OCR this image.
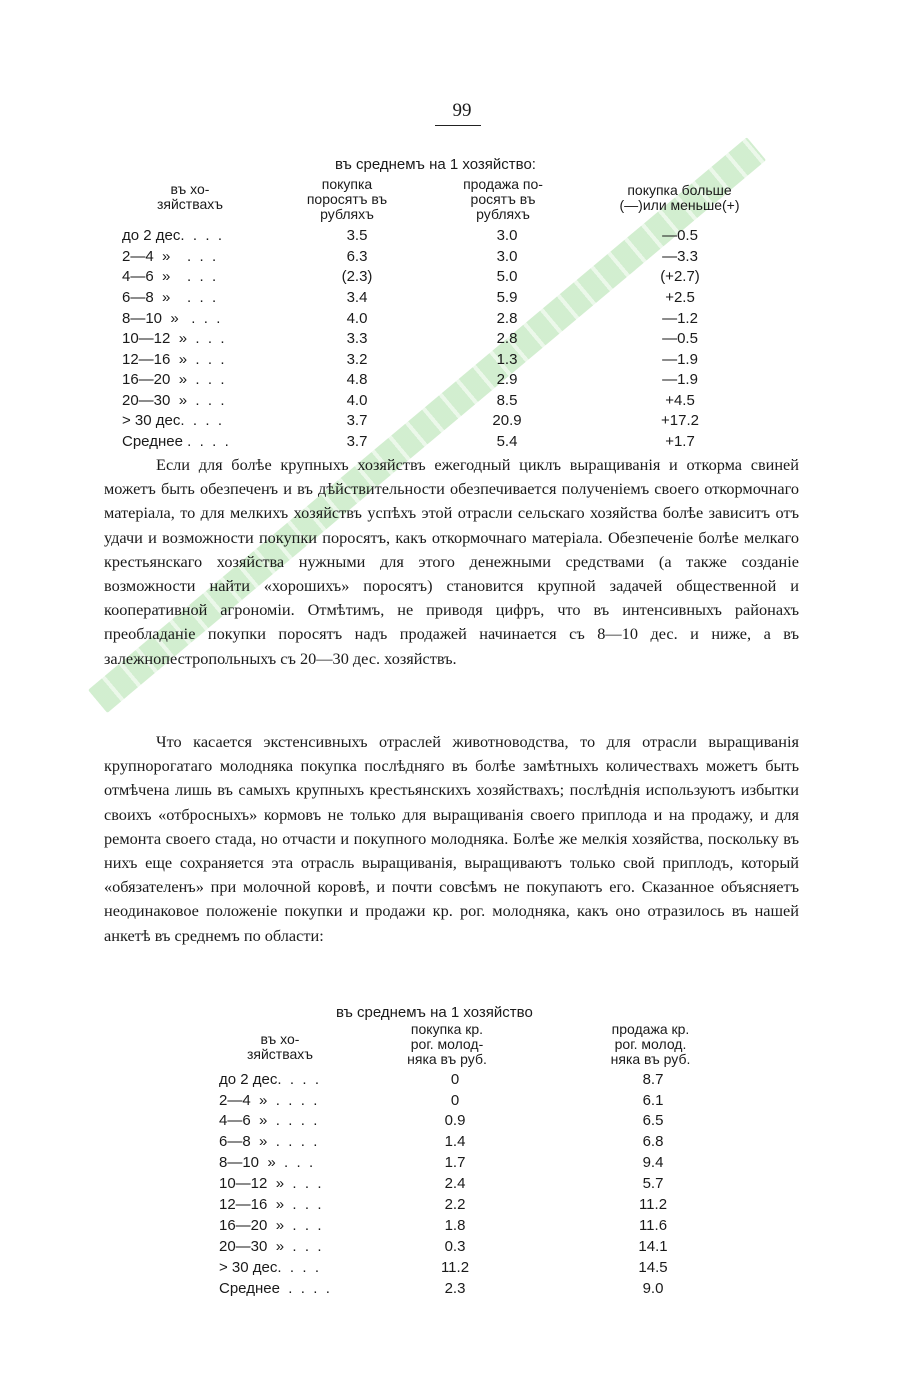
99
въ среднемъ на 1 хозяйство:
въ хо-
зяйствахъ
покупка
поросятъ въ
рубляхъ
продажа по-
росятъ въ
рубляхъ
покупка больше
(—)или меньше(+)
до 2 дес.  .  .  .	3.5	3.0	—0.5
2—4  »    .  .  .	6.3	3.0	—3.3
4—6  »    .  .  .	(2.3)	5.0	(+2.7)
6—8  »    .  .  .	3.4	5.9	+2.5
8—10  »   .  .  .	4.0	2.8	—1.2
10—12  »  .  .  .	3.3	2.8	—0.5
12—16  »  .  .  .	3.2	1.3	—1.9
16—20  »  .  .  .	4.8	2.9	—1.9
20—30  »  .  .  .	4.0	8.5	+4.5
> 30 дес.  .  .  .	3.7	20.9	+17.2
Среднее .  .  .  .	3.7	5.4	+1.7

Если для болѣе крупныхъ хозяйствъ ежегодный циклъ выращиванія и откорма свиней можетъ быть обезпеченъ и въ дѣйствительности обезпечивается полученіемъ своего откормочнаго матеріала, то для мелкихъ хозяйствъ успѣхъ этой отрасли сельскаго хозяйства болѣе зависитъ отъ удачи и возможности покупки поросятъ, какъ откормочнаго матеріала. Обезпеченіе болѣе мелкаго крестьянскаго хозяйства нужными для этого денежными средствами (а также созданіе возможности найти «хорошихъ» поросятъ) становится крупной задачей общественной и кооперативной агрономіи. Отмѣтимъ, не приводя цифръ, что въ интенсивныхъ районахъ преобладаніе покупки поросятъ надъ продажей начинается съ 8—10 дес. и ниже, а въ залежнопестропольныхъ съ 20—30 дес. хозяйствъ.

Что касается экстенсивныхъ отраслей животноводства, то для отрасли выращиванія крупнорогатаго молодняка покупка послѣдняго въ болѣе замѣтныхъ количествахъ можетъ быть отмѣчена лишь въ самыхъ крупныхъ крестьянскихъ хозяйствахъ; послѣднія используютъ избытки своихъ «отбросныхъ» кормовъ не только для выращиванія своего приплода и на продажу, и для ремонта своего стада, но отчасти и покупного молодняка. Болѣе же мелкія хозяйства, поскольку въ нихъ еще сохраняется эта отрасль выращиванія, выращиваютъ только свой приплодъ, который «обязателенъ» при молочной коровѣ, и почти совсѣмъ не покупаютъ его. Сказанное объясняетъ неодинаковое положеніе покупки и продажи кр. рог. молодняка, какъ оно отразилось въ нашей анкетѣ въ среднемъ по области:

въ среднемъ на 1 хозяйство
въ хо-
зяйствахъ
покупка кр.
рог. молод-
няка въ руб.
продажа кр.
рог. молод.
няка въ руб.
до 2 дес.  .  .  .	0	8.7
2—4  »  .  .  .  .	0	6.1
4—6  »  .  .  .  .	0.9	6.5
6—8  »  .  .  .  .	1.4	6.8
8—10  »  .  .  .	1.7	9.4
10—12  »  .  .  .	2.4	5.7
12—16  »  .  .  .	2.2	11.2
16—20  »  .  .  .	1.8	11.6
20—30  »  .  .  .	0.3	14.1
> 30 дес.  .  .  .	11.2	14.5
Среднее  .  .  .  .	2.3	9.0
